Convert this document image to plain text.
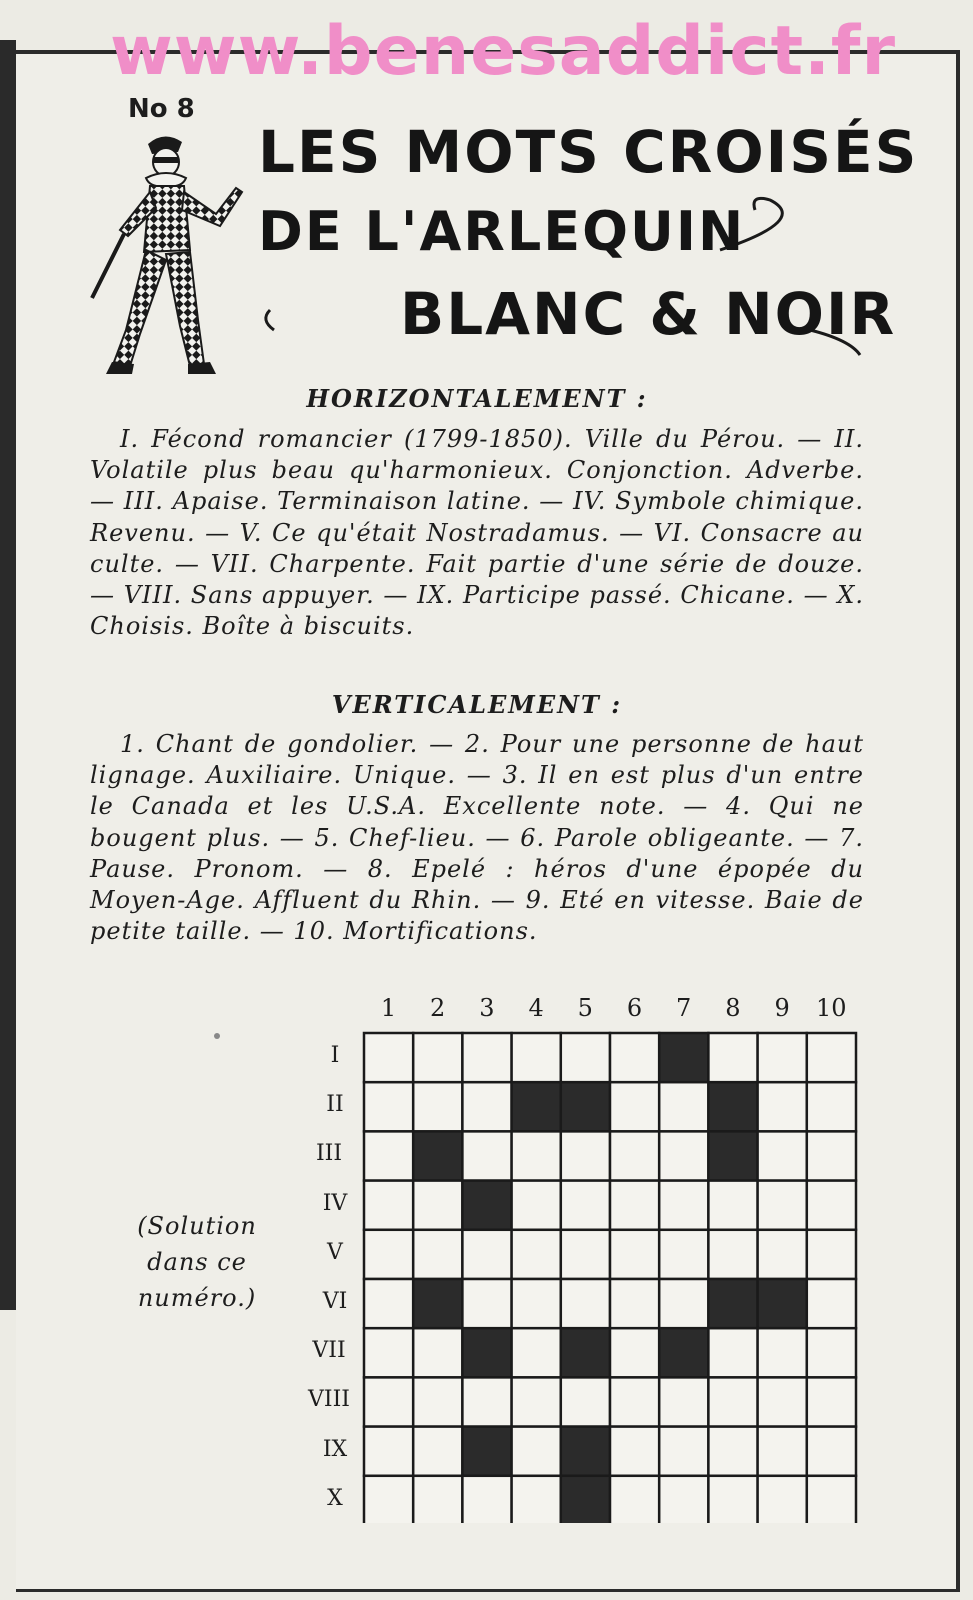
www.benesaddict.fr
No 8
LES MOTS CROISÉS
DE L'ARLEQUIN
BLANC & NOIR
HORIZONTALEMENT :
I. Fécond romancier (1799-1850). Ville du Pérou. — II. Volatile plus beau qu'harmonieux. Conjonction. Adverbe. — III. Apaise. Terminaison latine. — IV. Symbole chimique. Revenu. — V. Ce qu'était Nostradamus. — VI. Consacre au culte. — VII. Charpente. Fait partie d'une série de douze. — VIII. Sans appuyer. — IX. Participe passé. Chicane. — X. Choisis. Boîte à biscuits.
VERTICALEMENT :
1. Chant de gondolier. — 2. Pour une personne de haut lignage. Auxiliaire. Unique. — 3. Il en est plus d'un entre le Canada et les U.S.A. Excellente note. — 4. Qui ne bougent plus. — 5. Chef-lieu. — 6. Parole obligeante. — 7. Pause. Pronom. — 8. Epelé : héros d'une épopée du Moyen-Age. Affluent du Rhin. — 9. Eté en vitesse. Baie de petite taille. — 10. Mortifications.
(Solution
dans ce
numéro.)
1	2	3	4	5	6	7	8	9	10
I
II
III
IV
V
VI
VII
VIII
IX
X
